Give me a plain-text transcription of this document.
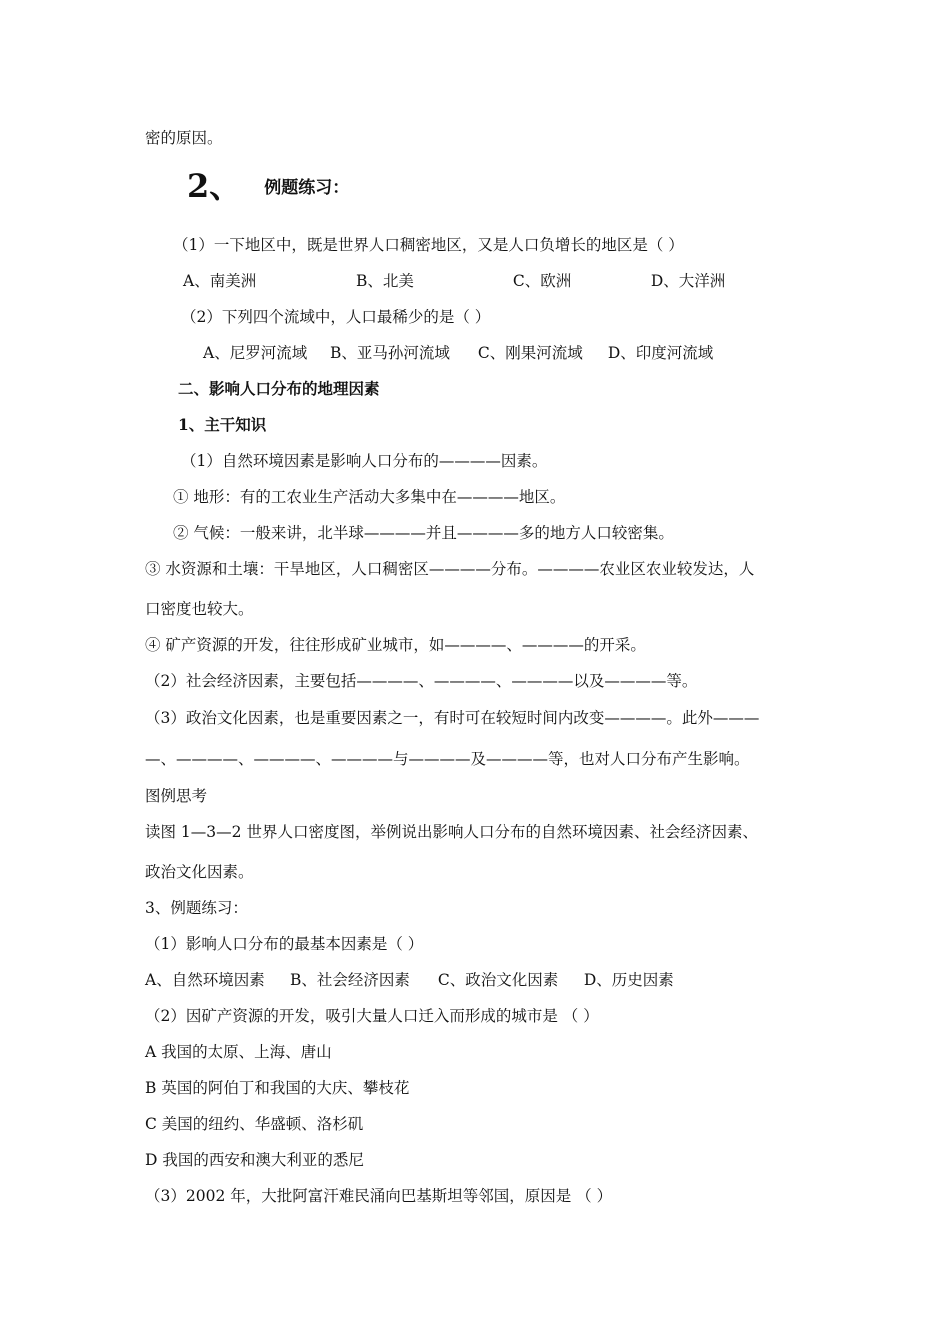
密的原因。
2、 例题练习：
（1）一下地区中，既是世界人口稠密地区，又是人口负增长的地区是（ ）
A、南美洲	B、北美	C、欧洲	D、大洋洲
（2）下列四个流域中，人口最稀少的是（ ）
A、尼罗河流域 B、亚马孙河流域 C、刚果河流域 D、印度河流域
二、影响人口分布的地理因素
1、主干知识
（1）自然环境因素是影响人口分布的————因素。
① 地形：有的工农业生产活动大多集中在————地区。
② 气候：一般来讲，北半球————并且————多的地方人口较密集。
③ 水资源和土壤：干旱地区，人口稠密区————分布。————农业区农业较发达，人
口密度也较大。
④ 矿产资源的开发，往往形成矿业城市，如————、————的开采。
（2）社会经济因素，主要包括————、————、————以及————等。
（3）政治文化因素，也是重要因素之一，有时可在较短时间内改变————。此外———
—、————、————、————与————及————等，也对人口分布产生影响。
图例思考
读图 1—3—2 世界人口密度图，举例说出影响人口分布的自然环境因素、社会经济因素、
政治文化因素。
3、例题练习：
（1）影响人口分布的最基本因素是（ ）
A、自然环境因素 B、社会经济因素 C、政治文化因素 D、历史因素
（2）因矿产资源的开发，吸引大量人口迁入而形成的城市是 （ ）
A 我国的太原、上海、唐山
B 英国的阿伯丁和我国的大庆、攀枝花
C 美国的纽约、华盛顿、洛杉矶
D 我国的西安和澳大利亚的悉尼
（3）2002 年，大批阿富汗难民涌向巴基斯坦等邻国，原因是 （ ）
